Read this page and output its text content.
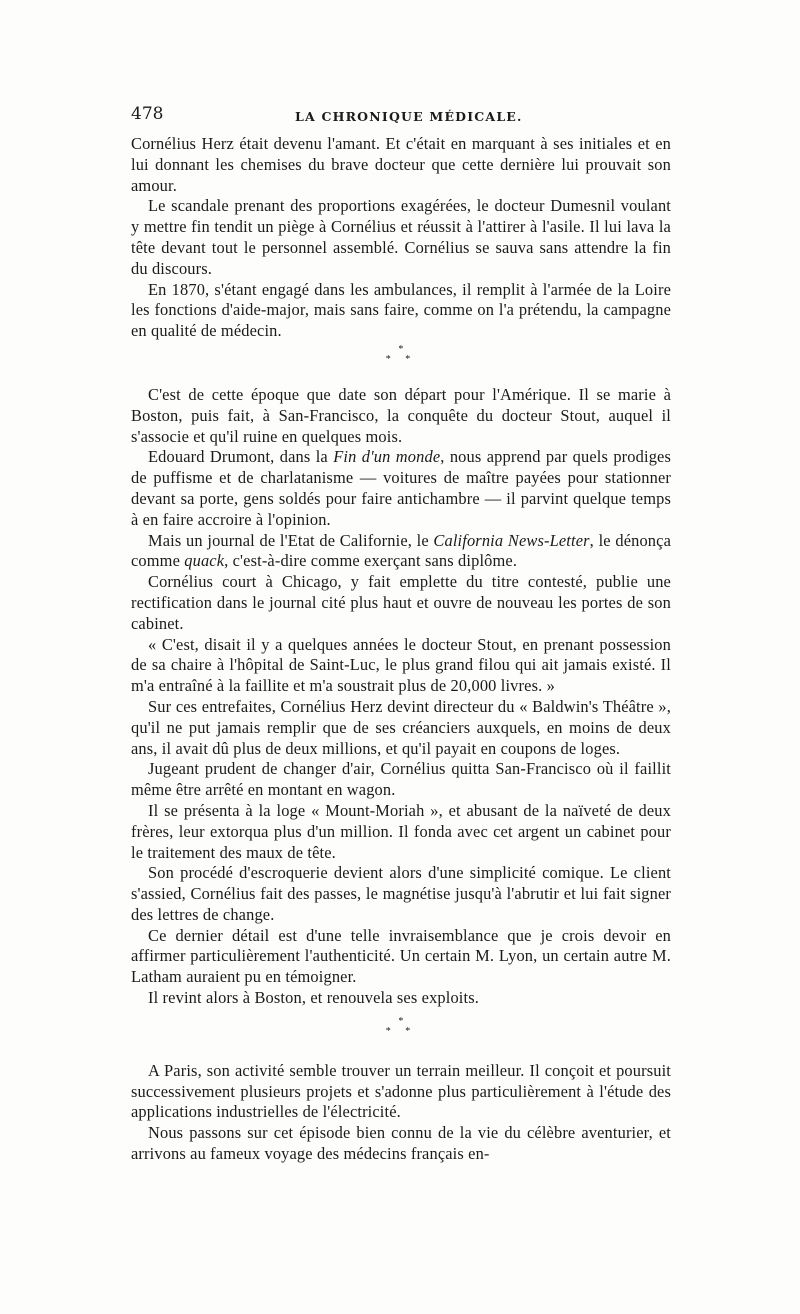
478	LA CHRONIQUE MÉDICALE.

Cornélius Herz était devenu l'amant. Et c'était en marquant à ses initiales et en lui donnant les chemises du brave docteur que cette dernière lui prouvait son amour.

Le scandale prenant des proportions exagérées, le docteur Dumesnil voulant y mettre fin tendit un piège à Cornélius et réussit à l'attirer à l'asile. Il lui lava la tête devant tout le personnel assemblé. Cornélius se sauva sans attendre la fin du discours.

En 1870, s'étant engagé dans les ambulances, il remplit à l'armée de la Loire les fonctions d'aide-major, mais sans faire, comme on l'a prétendu, la campagne en qualité de médecin.

*
* *

C'est de cette époque que date son départ pour l'Amérique. Il se marie à Boston, puis fait, à San-Francisco, la conquête du docteur Stout, auquel il s'associe et qu'il ruine en quelques mois.

Edouard Drumont, dans la Fin d'un monde, nous apprend par quels prodiges de puffisme et de charlatanisme — voitures de maître payées pour stationner devant sa porte, gens soldés pour faire antichambre — il parvint quelque temps à en faire accroire à l'opinion.

Mais un journal de l'Etat de Californie, le California News-Letter, le dénonça comme quack, c'est-à-dire comme exerçant sans diplôme.

Cornélius court à Chicago, y fait emplette du titre contesté, publie une rectification dans le journal cité plus haut et ouvre de nouveau les portes de son cabinet.

« C'est, disait il y a quelques années le docteur Stout, en prenant possession de sa chaire à l'hôpital de Saint-Luc, le plus grand filou qui ait jamais existé. Il m'a entraîné à la faillite et m'a soustrait plus de 20,000 livres. »

Sur ces entrefaites, Cornélius Herz devint directeur du « Baldwin's Théâtre », qu'il ne put jamais remplir que de ses créanciers auxquels, en moins de deux ans, il avait dû plus de deux millions, et qu'il payait en coupons de loges.

Jugeant prudent de changer d'air, Cornélius quitta San-Francisco où il faillit même être arrêté en montant en wagon.

Il se présenta à la loge « Mount-Moriah », et abusant de la naïveté de deux frères, leur extorqua plus d'un million. Il fonda avec cet argent un cabinet pour le traitement des maux de tête.

Son procédé d'escroquerie devient alors d'une simplicité comique. Le client s'assied, Cornélius fait des passes, le magnétise jusqu'à l'abrutir et lui fait signer des lettres de change.

Ce dernier détail est d'une telle invraisemblance que je crois devoir en affirmer particulièrement l'authenticité. Un certain M. Lyon, un certain autre M. Latham auraient pu en témoigner.

Il revint alors à Boston, et renouvela ses exploits.

*
* *

A Paris, son activité semble trouver un terrain meilleur. Il conçoit et poursuit successivement plusieurs projets et s'adonne plus particulièrement à l'étude des applications industrielles de l'électricité.

Nous passons sur cet épisode bien connu de la vie du célèbre aventurier, et arrivons au fameux voyage des médecins français en-
